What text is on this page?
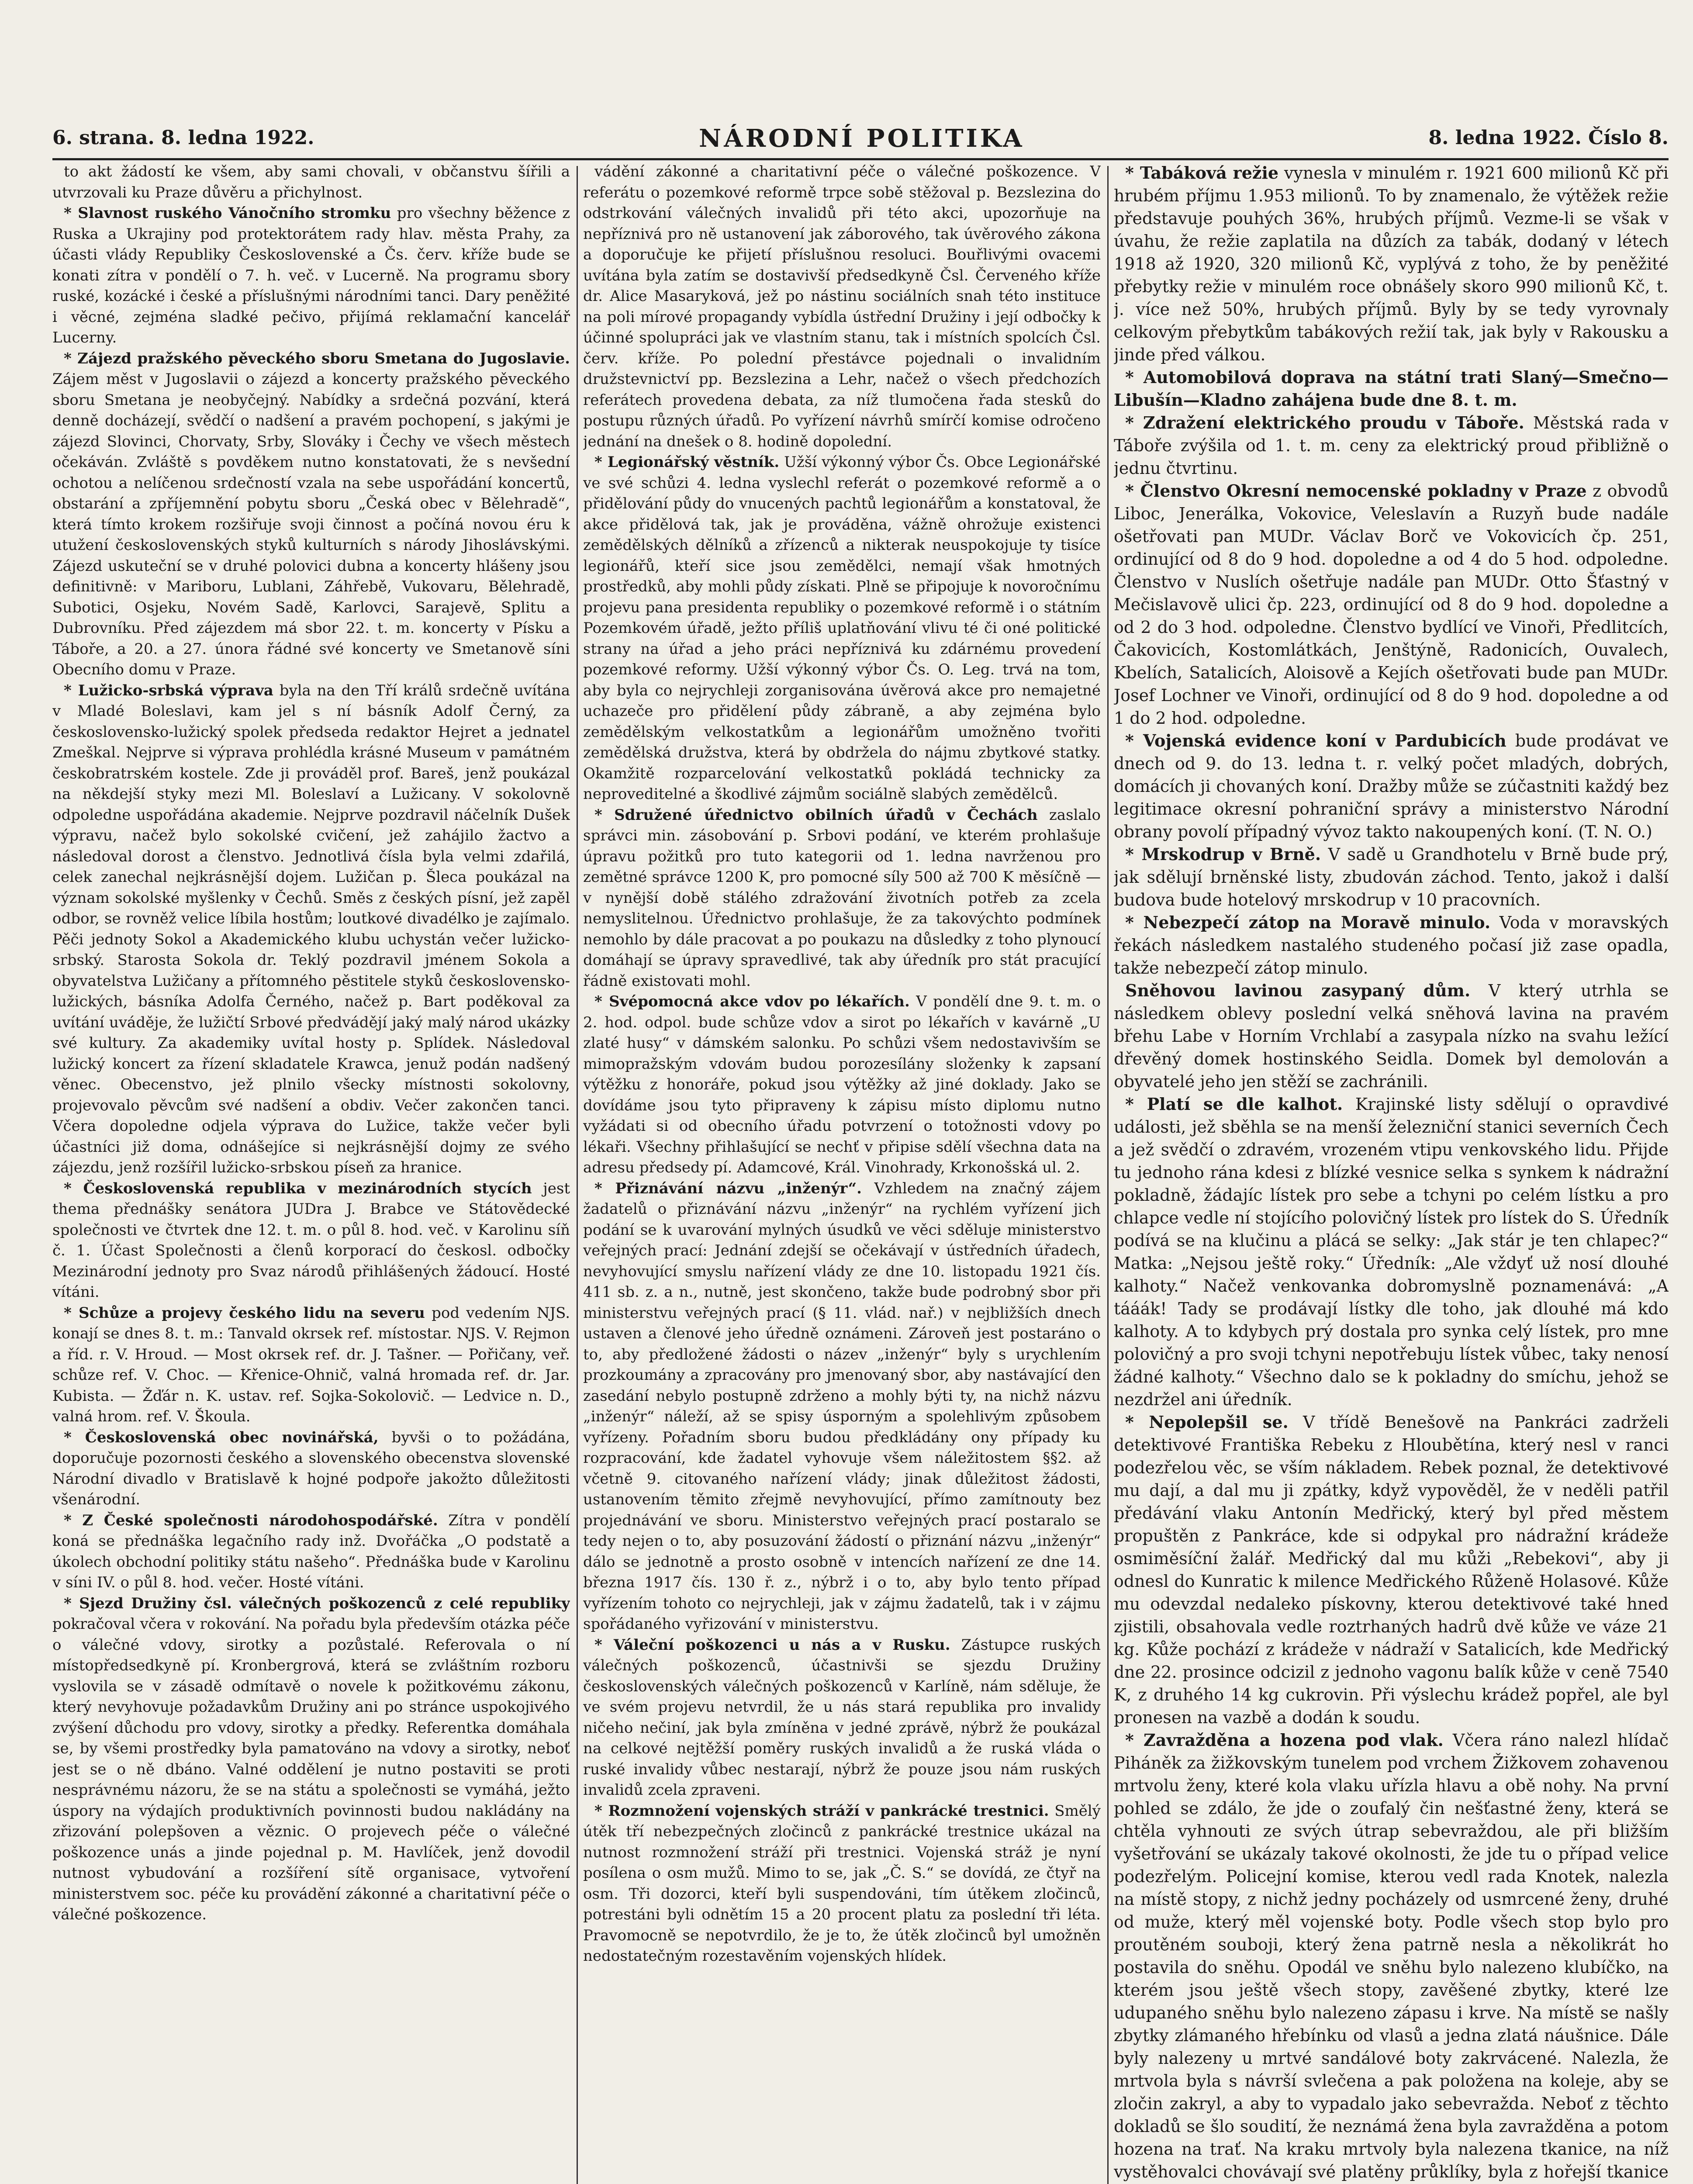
6. strana. 8. ledna 1922.	NÁRODNÍ POLITIKA	8. ledna 1922. Číslo 8.

to akt žádostí ke všem, aby sami chovali, v občanstvu šířili a utvrzovali ku Praze důvěru a přichylnost.

* Slavnost ruského Vánočního stromku pro všechny běžence z Ruska a Ukrajiny pod protektorátem rady hlav. města Prahy, za účasti vlády Republiky Československé a Čs. červ. kříže bude se konati zítra v pondělí o 7. h. več. v Lucerně. Na programu sbory ruské, kozácké i české a příslušnými národními tanci. Dary peněžité i věcné, zejména sladké pečivo, přijímá reklamační kancelář Lucerny.

* Zájezd pražského pěveckého sboru Smetana do Jugoslavie. Zájem měst v Jugoslavii o zájezd a koncerty pražského pěveckého sboru Smetana je neobyčejný. Nabídky a srdečná pozvání, která denně docházejí, svědčí o nadšení a pravém pochopení, s jakými je zájezd Slovinci, Chorvaty, Srby, Slováky i Čechy ve všech městech očekáván. Zvláště s povděkem nutno konstatovati, že s nevšední ochotou a nelíčenou srdečností vzala na sebe uspořádání koncertů, obstarání a zpříjemnění pobytu sboru „Česká obec v Bělehradě“, která tímto krokem rozšiřuje svoji činnost a počíná novou éru k utužení československých styků kulturních s národy Jihoslávskými. Zájezd uskuteční se v druhé polovici dubna a koncerty hlášeny jsou definitivně: v Mariboru, Lublani, Záhřebě, Vukovaru, Bělehradě, Subotici, Osjeku, Novém Sadě, Karlovci, Sarajevě, Splitu a Dubrovníku. Před zájezdem má sbor 22. t. m. koncerty v Písku a Táboře, a 20. a 27. února řádné své koncerty ve Smetanově síni Obecního domu v Praze.

* Lužicko-srbská výprava byla na den Tří králů srdečně uvítána v Mladé Boleslavi, kam jel s ní básník Adolf Černý, za československo-lužický spolek předseda redaktor Hejret a jednatel Zmeškal. Nejprve si výprava prohlédla krásné Museum v památném českobratrském kostele. Zde ji prováděl prof. Bareš, jenž poukázal na někdejší styky mezi Ml. Boleslaví a Lužicany. V sokolovně odpoledne uspořádána akademie. Nejprve pozdravil náčelník Dušek výpravu, načež bylo sokolské cvičení, jež zahájilo žactvo a následoval dorost a členstvo. Jednotlivá čísla byla velmi zdařilá, celek zanechal nejkrásnější dojem. Lužičan p. Šleca poukázal na význam sokolské myšlenky v Čechů. Směs z českých písní, jež zapěl odbor, se rovněž velice líbila hostům; loutkové divadélko je zajímalo. Pěči jednoty Sokol a Akademického klubu uchystán večer lužicko-srbský. Starosta Sokola dr. Teklý pozdravil jménem Sokola a obyvatelstva Lužičany a přítomného pěstitele styků československo-lužických, básníka Adolfa Černého, načež p. Bart poděkoval za uvítání uváděje, že lužičtí Srbové předvádějí jaký malý národ ukázky své kultury. Za akademiky uvítal hosty p. Splídek. Následoval lužický koncert za řízení skladatele Krawca, jenuž podán nadšený věnec. Obecenstvo, jež plnilo všecky místnosti sokolovny, projevovalo pěvcům své nadšení a obdiv. Večer zakončen tanci. Včera dopoledne odjela výprava do Lužice, takže večer byli účastníci již doma, odnášejíce si nejkrásnější dojmy ze svého zájezdu, jenž rozšířil lužicko-srbskou píseň za hranice.

* Československá republika v mezinárodních stycích jest thema přednášky senátora JUDra J. Brabce ve Státovědecké společnosti ve čtvrtek dne 12. t. m. o půl 8. hod. več. v Karolinu síň č. 1. Účast Společnosti a členů korporací do českosl. odbočky Mezinárodní jednoty pro Svaz národů přihlášených žádoucí. Hosté vítáni.

* Schůze a projevy českého lidu na severu pod vedením NJS. konají se dnes 8. t. m.: Tanvald okrsek ref. místostar. NJS. V. Rejmon a říd. r. V. Hroud. — Most okrsek ref. dr. J. Tašner. — Pořičany, veř. schůze ref. V. Choc. — Křenice-Ohnič, valná hromada ref. dr. Jar. Kubista. — Žďár n. K. ustav. ref. Sojka-Sokolovič. — Ledvice n. D., valná hrom. ref. V. Škoula.

* Československá obec novinářská, byvši o to požádána, doporučuje pozornosti českého a slovenského obecenstva slovenské Národní divadlo v Bratislavě k hojné podpoře jakožto důležitosti všenárodní.

* Z České společnosti národohospodářské. Zítra v pondělí koná se přednáška legačního rady inž. Dvořáčka „O podstatě a úkolech obchodní politiky státu našeho“. Přednáška bude v Karolinu v síni IV. o půl 8. hod. večer. Hosté vítáni.

* Sjezd Družiny čsl. válečných poškozenců z celé republiky pokračoval včera v rokování. Na pořadu byla především otázka péče o válečné vdovy, sirotky a pozůstalé. Referovala o ní místopředsedkyně pí. Kronbergrová, která se zvláštním rozboru vyslovila se v zásadě odmítavě o novele k požitkovému zákonu, který nevyhovuje požadavkům Družiny ani po stránce uspokojivého zvýšení důchodu pro vdovy, sirotky a předky. Referentka domáhala se, by všemi prostředky byla pamatováno na vdovy a sirotky, neboť jest se o ně dbáno. Valné oddělení je nutno postaviti se proti nesprávnému názoru, že se na státu a společnosti se vymáhá, ježto úspory na výdajích produktivních povinnosti budou nakládány na zřizování polepšoven a věznic. O projevech péče o válečné poškozence unás a jinde pojednal p. M. Havlíček, jenž dovodil nutnost vybudování a rozšíření sítě organisace, vytvoření ministerstvem soc. péče ku provádění zákonné a charitativní péče o válečné poškozence.

vádění zákonné a charitativní péče o válečné poškozence. V referátu o pozemkové reformě trpce sobě stěžoval p. Bezslezina do odstrkování válečných invalidů při této akci, upozorňuje na nepříznivá pro ně ustanovení jak záborového, tak úvěrového zákona a doporučuje ke přijetí příslušnou resoluci. Bouřlivými ovacemi uvítána byla zatím se dostavivší předsedkyně Čsl. Červeného kříže dr. Alice Masaryková, jež po nástinu sociálních snah této instituce na poli mírové propagandy vybídla ústřední Družiny i její odbočky k účinné spolupráci jak ve vlastním stanu, tak i místních spolcích Čsl. červ. kříže. Po polední přestávce pojednali o invalidním družstevnictví pp. Bezslezina a Lehr, načež o všech předchozích referátech provedena debata, za níž tlumočena řada stesků do postupu různých úřadů. Po vyřízení návrhů smírčí komise odročeno jednání na dnešek o 8. hodině dopolední.

* Legionářský věstník. Užší výkonný výbor Čs. Obce Legionářské ve své schůzi 4. ledna vyslechl referát o pozemkové reformě a o přidělování půdy do vnucených pachtů legionářům a konstatoval, že akce přidělová tak, jak je prováděna, vážně ohrožuje existenci zemědělských dělníků a zřízenců a nikterak neuspokojuje ty tisíce legionářů, kteří sice jsou zemědělci, nemají však hmotných prostředků, aby mohli půdy získati. Plně se připojuje k novoročnímu projevu pana presidenta republiky o pozemkové reformě i o státním Pozemkovém úřadě, ježto příliš uplatňování vlivu té či oné politické strany na úřad a jeho práci nepříznivá ku zdárnému provedení pozemkové reformy. Užší výkonný výbor Čs. O. Leg. trvá na tom, aby byla co nejrychleji zorganisována úvěrová akce pro nemajetné uchazeče pro přidělení půdy zábraně, a aby zejména bylo zemědělským velkostatkům a legionářům umožněno tvořiti zemědělská družstva, která by obdržela do nájmu zbytkové statky. Okamžitě rozparcelování velkostatků pokládá technicky za neproveditelné a škodlivé zájmům sociálně slabých zemědělců.

* Sdružené úřednictvo obilních úřadů v Čechách zaslalo správci min. zásobování p. Srbovi podání, ve kterém prohlašuje úpravu požitků pro tuto kategorii od 1. ledna navrženou pro zemětné správce 1200 K, pro pomocné síly 500 až 700 K měsíčně — v nynější době stálého zdražování životních potřeb za zcela nemyslitelnou. Úřednictvo prohlašuje, že za takovýchto podmínek nemohlo by dále pracovat a po poukazu na důsledky z toho plynoucí domáhají se úpravy spravedlivé, tak aby úředník pro stát pracující řádně existovati mohl.

* Svépomocná akce vdov po lékařích. V pondělí dne 9. t. m. o 2. hod. odpol. bude schůze vdov a sirot po lékařích v kavárně „U zlaté husy“ v dámském salonku. Po schůzi všem nedostavivším se mimopražským vdovám budou porozesílány složenky k zapsaní výtěžku z honoráře, pokud jsou výtěžky až jiné doklady. Jako se dovídáme jsou tyto připraveny k zápisu místo diplomu nutno vyžádati si od obecního úřadu potvrzení o totožnosti vdovy po lékaři. Všechny přihlašující se nechť v připise sdělí všechna data na adresu předsedy pí. Adamcové, Král. Vinohrady, Krkonošská ul. 2.

* Přiznávání názvu „inženýr“. Vzhledem na značný zájem žadatelů o přiznávání názvu „inženýr“ na rychlém vyřízení jich podání se k uvarování mylných úsudků ve věci sděluje ministerstvo veřejných prací: Jednání zdejší se očekávají v ústředních úřadech, nevyhovující smyslu nařízení vlády ze dne 10. listopadu 1921 čís. 411 sb. z. a n., nutně, jest skončeno, takže bude podrobný sbor při ministerstvu veřejných prací (§ 11. vlád. nař.) v nejbližších dnech ustaven a členové jeho úředně oznámeni. Zároveň jest postaráno o to, aby předložené žádosti o název „inženýr“ byly s urychlením prozkoumány a zpracovány pro jmenovaný sbor, aby nastávající den zasedání nebylo postupně zdrženo a mohly býti ty, na nichž názvu „inženýr“ náleží, až se spisy úsporným a spolehlivým způsobem vyřízeny. Pořadním sboru budou předkládány ony případy ku rozpracování, kde žadatel vyhovuje všem náležitostem §§2. až včetně 9. citovaného nařízení vlády; jinak důležitost žádosti, ustanovením těmito zřejmě nevyhovující, přímo zamítnouty bez projednávání ve sboru. Ministerstvo veřejných prací postaralo se tedy nejen o to, aby posuzování žádostí o přiznání názvu „inženýr“ dálo se jednotně a prosto osobně v intencích nařízení ze dne 14. března 1917 čís. 130 ř. z., nýbrž i o to, aby bylo tento případ vyřízením tohoto co nejrychleji, jak v zájmu žadatelů, tak i v zájmu spořádaného vyřizování v ministerstvu.

* Váleční poškozenci u nás a v Rusku. Zástupce ruských válečných poškozenců, účastnivši se sjezdu Družiny československých válečných poškozenců v Karlíně, nám sděluje, že ve svém projevu netvrdil, že u nás stará republika pro invalidy ničeho nečiní, jak byla zmíněna v jedné zprávě, nýbrž že poukázal na celkové nejtěžší poměry ruských invalidů a že ruská vláda o ruské invalidy vůbec nestarají, nýbrž že pouze jsou nám ruských invalidů zcela zpraveni.

* Rozmnožení vojenských stráží v pankrácké trestnici. Smělý útěk tří nebezpečných zločinců z pankrácké trestnice ukázal na nutnost rozmnožení stráží při trestnici. Vojenská stráž je nyní posílena o osm mužů. Mimo to se, jak „Č. S.“ se dovídá, ze čtyř na osm. Tři dozorci, kteří byli suspendováni, tím útěkem zločinců, potrestáni byli odnětím 15 a 20 procent platu za poslední tři léta. Pravomocně se nepotvrdilo, že je to, že útěk zločinců byl umožněn nedostatečným rozestavěním vojenských hlídek.

* Tabáková režie vynesla v minulém r. 1921 600 milionů Kč při hrubém příjmu 1.953 milionů. To by znamenalo, že výtěžek režie představuje pouhých 36%, hrubých příjmů. Vezme-li se však v úvahu, že režie zaplatila na důzích za tabák, dodaný v létech 1918 až 1920, 320 milionů Kč, vyplývá z toho, že by peněžité přebytky režie v minulém roce obnášely skoro 990 milionů Kč, t. j. více než 50%, hrubých příjmů. Byly by se tedy vyrovnaly celkovým přebytkům tabákových režií tak, jak byly v Rakousku a jinde před válkou.

* Automobilová doprava na státní trati Slaný—Smečno—Libušín—Kladno zahájena bude dne 8. t. m.

* Zdražení elektrického proudu v Táboře. Městská rada v Táboře zvýšila od 1. t. m. ceny za elektrický proud přibližně o jednu čtvrtinu.

* Členstvo Okresní nemocenské pokladny v Praze z obvodů Liboc, Jenerálka, Vokovice, Veleslavín a Ruzyň bude nadále ošetřovati pan MUDr. Václav Borč ve Vokovicích čp. 251, ordinující od 8 do 9 hod. dopoledne a od 4 do 5 hod. odpoledne. Členstvo v Nuslích ošetřuje nadále pan MUDr. Otto Šťastný v Mečislavově ulici čp. 223, ordinující od 8 do 9 hod. dopoledne a od 2 do 3 hod. odpoledne. Členstvo bydlící ve Vinoři, Předlitcích, Čakovicích, Kostomlátkách, Jenštýně, Radonicích, Ouvalech, Kbelích, Satalicích, Aloisově a Kejích ošetřovati bude pan MUDr. Josef Lochner ve Vinoři, ordinující od 8 do 9 hod. dopoledne a od 1 do 2 hod. odpoledne.

* Vojenská evidence koní v Pardubicích bude prodávat ve dnech od 9. do 13. ledna t. r. velký počet mladých, dobrých, domácích ji chovaných koní. Dražby může se zúčastniti každý bez legitimace okresní pohraniční správy a ministerstvo Národní obrany povolí případný vývoz takto nakoupených koní. (T. N. O.)

* Mrskodrup v Brně. V sadě u Grandhotelu v Brně bude prý, jak sdělují brněnské listy, zbudován záchod. Tento, jakož i další budova bude hotelový mrskodrup v 10 pracovních.

* Nebezpečí zátop na Moravě minulo. Voda v moravských řekách následkem nastalého studeného počasí již zase opadla, takže nebezpečí zátop minulo.

Sněhovou lavinou zasypaný dům. V který utrhla se následkem oblevy poslední velká sněhová lavina na pravém břehu Labe v Horním Vrchlabí a zasypala nízko na svahu ležící dřevěný domek hostinského Seidla. Domek byl demolován a obyvatelé jeho jen stěží se zachránili.

* Platí se dle kalhot. Krajinské listy sdělují o opravdivé události, jež sběhla se na menší železniční stanici severních Čech a jež svědčí o zdravém, vrozeném vtipu venkovského lidu. Přijde tu jednoho rána kdesi z blízké vesnice selka s synkem k nádražní pokladně, žádajíc lístek pro sebe a tchyni po celém lístku a pro chlapce vedle ní stojícího polovičný lístek pro lístek do S. Úředník podívá se na klučinu a plácá se selky: „Jak stár je ten chlapec?“ Matka: „Nejsou ještě roky.“ Úředník: „Ale vždyť už nosí dlouhé kalhoty.“ Načež venkovanka dobromyslně poznamenává: „A tááák! Tady se prodávají lístky dle toho, jak dlouhé má kdo kalhoty. A to kdybych prý dostala pro synka celý lístek, pro mne polovičný a pro svoji tchyni nepotřebuju lístek vůbec, taky nenosí žádné kalhoty.“ Všechno dalo se k pokladny do smíchu, jehož se nezdržel ani úředník.

* Nepolepšil se. V třídě Benešově na Pankráci zadrželi detektivové Františka Rebeku z Hloubětína, který nesl v ranci podezřelou věc, se vším nákladem. Rebek poznal, že detektivové mu dají, a dal mu ji zpátky, když vypověděl, že v neděli patřil předávání vlaku Antonín Medřický, který byl před městem propuštěn z Pankráce, kde si odpykal pro nádražní krádeže osmiměsíční žalář. Medřický dal mu kůži „Rebekovi“, aby ji odnesl do Kunratic k milence Medřického Růženě Holasové. Kůže mu odevzdal nedaleko pískovny, kterou detektivové také hned zjistili, obsahovala vedle roztrhaných hadrů dvě kůže ve váze 21 kg. Kůže pochází z krádeže v nádraží v Satalicích, kde Medřický dne 22. prosince odcizil z jednoho vagonu balík kůže v ceně 7540 K, z druhého 14 kg cukrovin. Při výslechu krádež popřel, ale byl pronesen na vazbě a dodán k soudu.

* Zavražděna a hozena pod vlak. Včera ráno nalezl hlídač Piháněk za žižkovským tunelem pod vrchem Žižkovem zohavenou mrtvolu ženy, které kola vlaku uřízla hlavu a obě nohy. Na první pohled se zdálo, že jde o zoufalý čin nešťastné ženy, která se chtěla vyhnouti ze svých útrap sebevraždou, ale při bližším vyšetřování se ukázaly takové okolnosti, že jde tu o případ velice podezřelým. Policejní komise, kterou vedl rada Knotek, nalezla na místě stopy, z nichž jedny pocházely od usmrcené ženy, druhé od muže, který měl vojenské boty. Podle všech stop bylo pro proutěném souboji, který žena patrně nesla a několikrát ho postavila do sněhu. Opodál ve sněhu bylo nalezeno klubíčko, na kterém jsou ještě všech stopy, zavěšené zbytky, které lze udupaného sněhu bylo nalezeno zápasu i krve. Na místě se našly zbytky zlámaného hřebínku od vlasů a jedna zlatá náušnice. Dále byly nalezeny u mrtvé sandálové boty zakrvácené. Nalezla, že mrtvola byla s návrší svlečena a pak položena na koleje, aby se zločin zakryl, a aby to vypadalo jako sebevražda. Neboť z těchto dokladů se šlo soudití, že neznámá žena byla zavražděna a potom hozena na trať. Na kraku mrtvoly byla nalezena tkanice, na níž vystěhovalci chovávají své platěny průklíky, byla z hořejší tkanice
